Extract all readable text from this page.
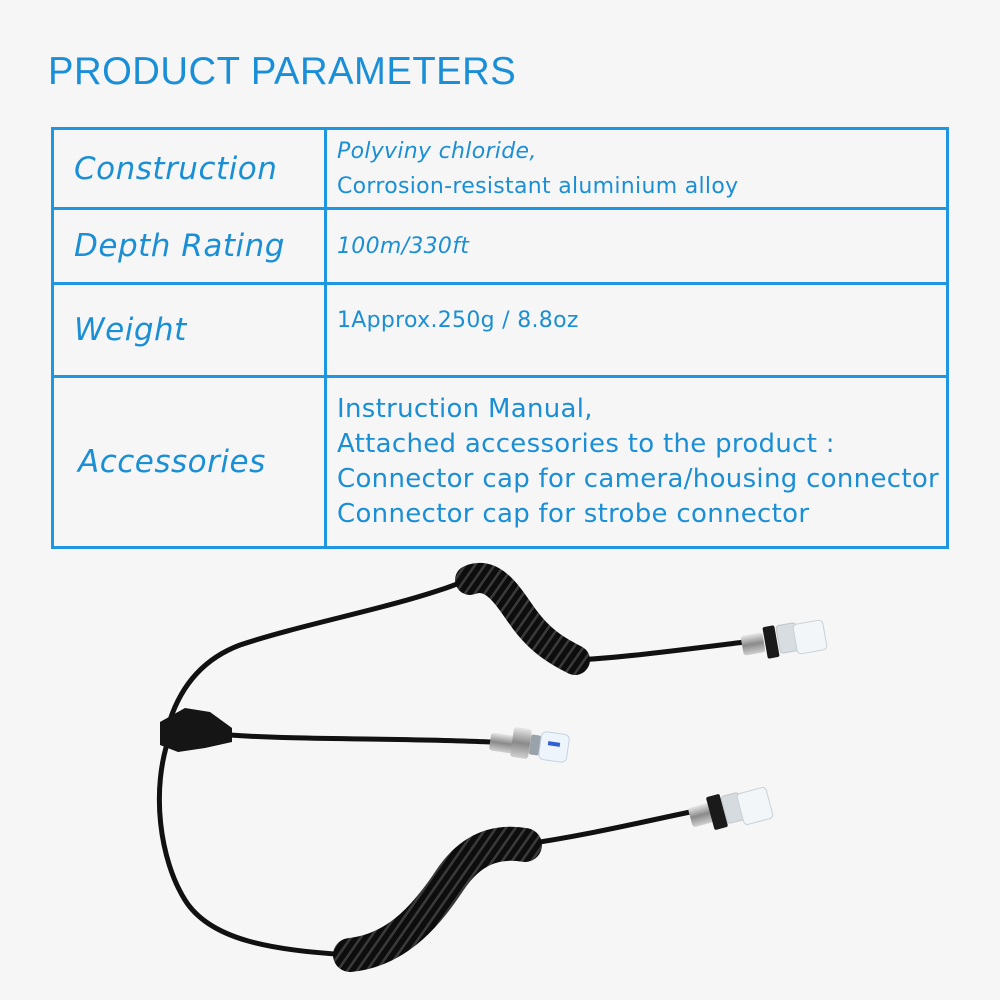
PRODUCT PARAMETERS
Construction	Polyviny chloride,
Corrosion-resistant aluminium alloy

Depth Rating	100m/330ft
Weight	1Approx.250g / 8.8oz
Accessories	Instruction Manual,
Attached accessories to the product :
Connector cap for camera/housing connector
Connector cap for strobe connector
